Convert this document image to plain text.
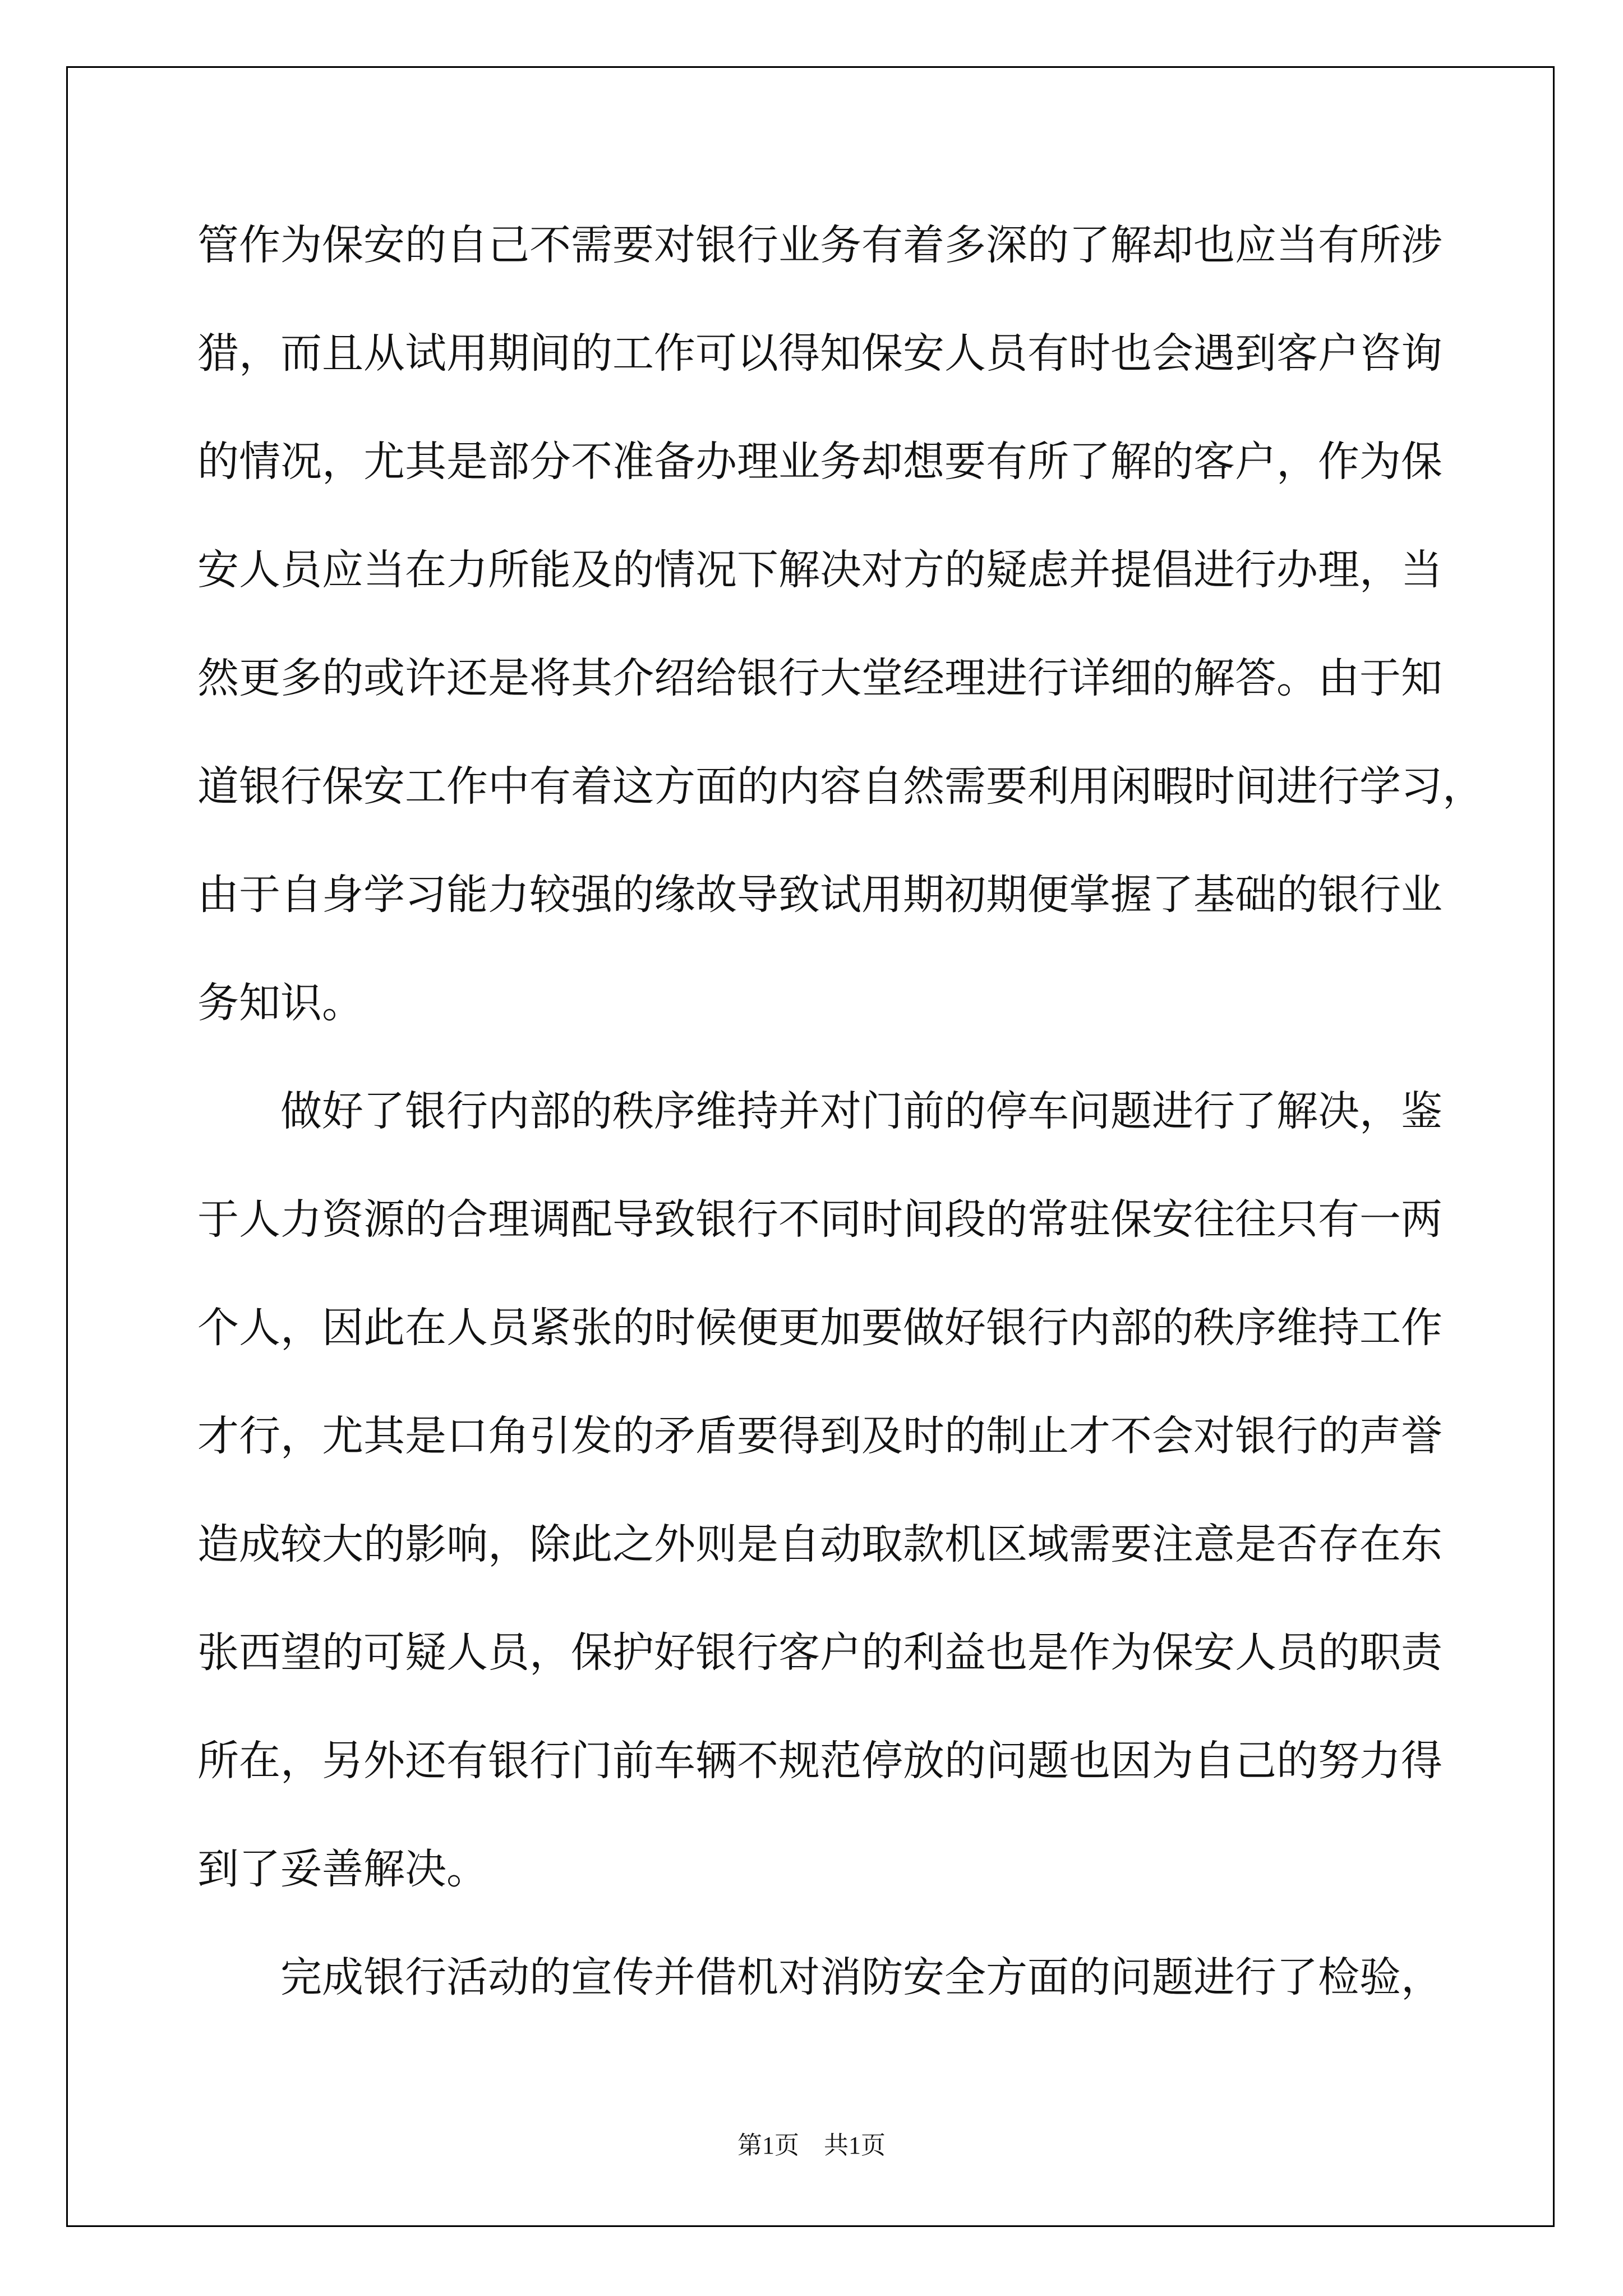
管作为保安的自己不需要对银行业务有着多深的了解却也应当有所涉

猎，而且从试用期间的工作可以得知保安人员有时也会遇到客户咨询

的情况，尤其是部分不准备办理业务却想要有所了解的客户，作为保

安人员应当在力所能及的情况下解决对方的疑虑并提倡进行办理，当

然更多的或许还是将其介绍给银行大堂经理进行详细的解答。由于知

道银行保安工作中有着这方面的内容自然需要利用闲暇时间进行学习，

由于自身学习能力较强的缘故导致试用期初期便掌握了基础的银行业

务知识。

做好了银行内部的秩序维持并对门前的停车问题进行了解决，鉴

于人力资源的合理调配导致银行不同时间段的常驻保安往往只有一两

个人，因此在人员紧张的时候便更加要做好银行内部的秩序维持工作

才行，尤其是口角引发的矛盾要得到及时的制止才不会对银行的声誉

造成较大的影响，除此之外则是自动取款机区域需要注意是否存在东

张西望的可疑人员，保护好银行客户的利益也是作为保安人员的职责

所在，另外还有银行门前车辆不规范停放的问题也因为自己的努力得

到了妥善解决。

完成银行活动的宣传并借机对消防安全方面的问题进行了检验，

第1页　共1页
